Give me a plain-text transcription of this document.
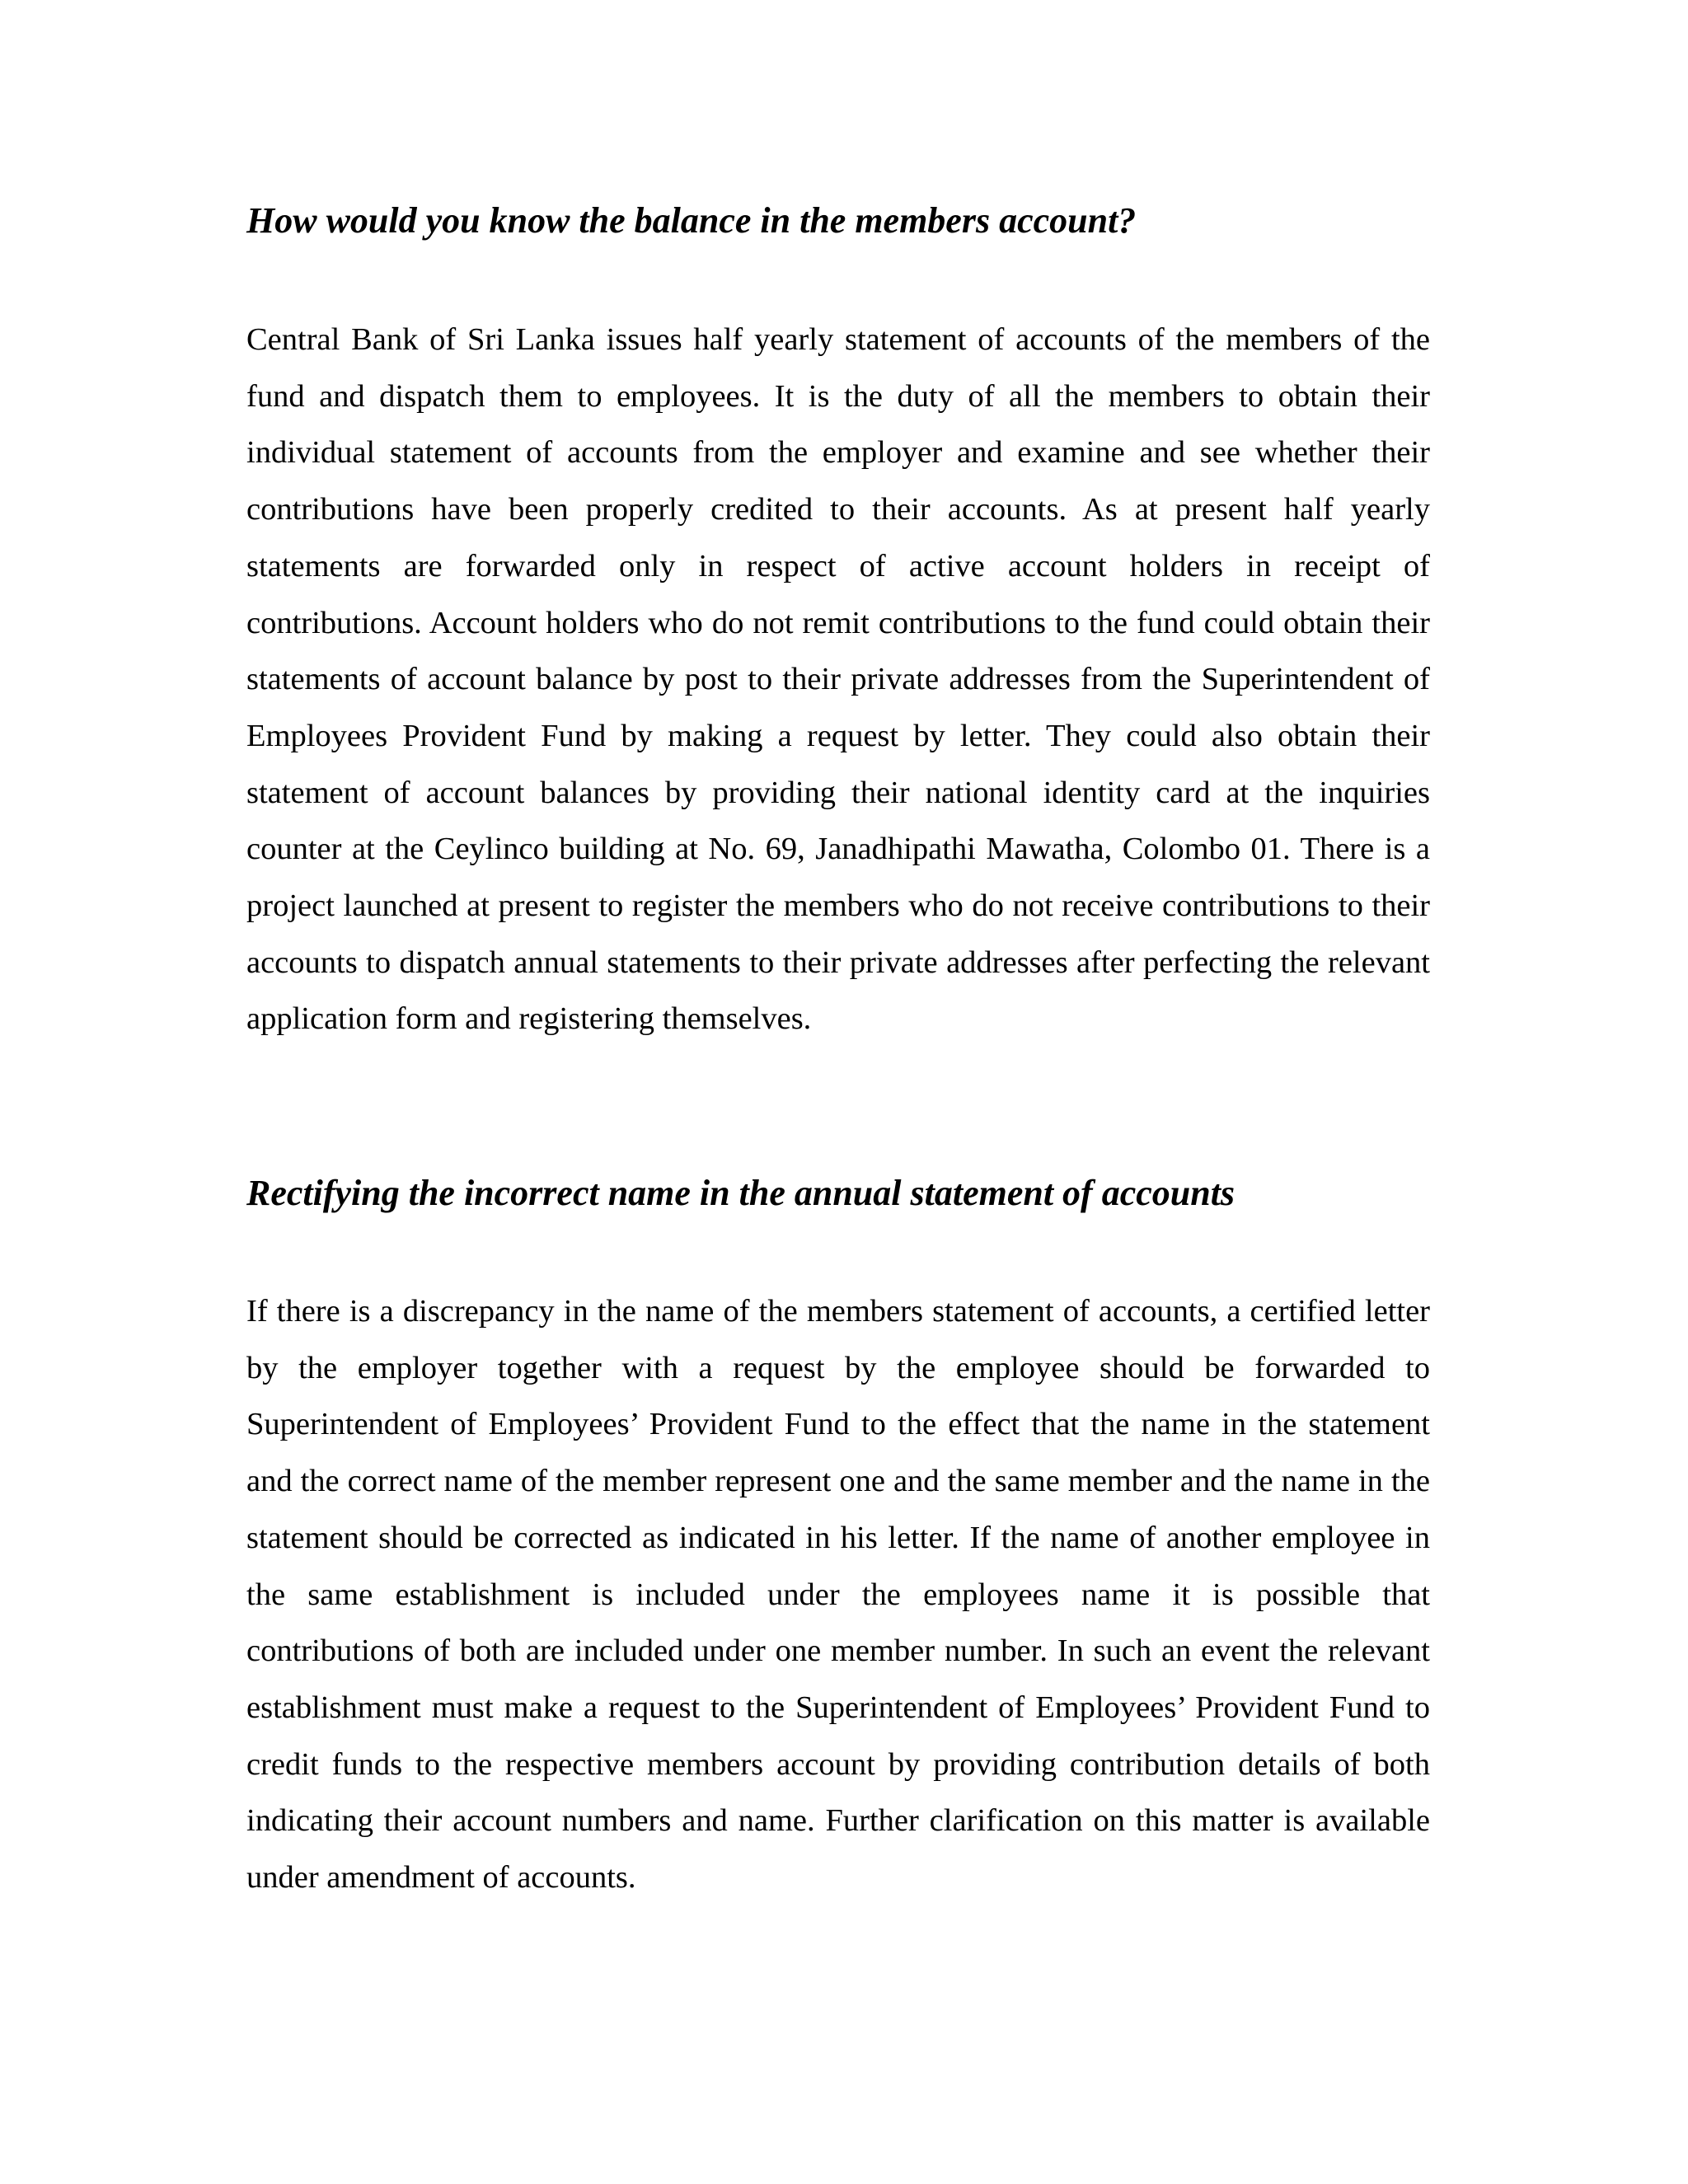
How would you know the balance in the members account?

Central Bank of Sri Lanka issues half yearly statement of accounts of the members of the fund and dispatch them to employees. It is the duty of all the members to obtain their individual statement of accounts from the employer and examine and see whether their contributions have been properly credited to their accounts. As at present half yearly statements are forwarded only in respect of active account holders in receipt of contributions. Account holders who do not remit contributions to the fund could obtain their statements of account balance by post to their private addresses from the Superintendent of Employees Provident Fund by making a request by letter. They could also obtain their statement of account balances by providing their national identity card at the inquiries counter at the Ceylinco building at No. 69, Janadhipathi Mawatha, Colombo 01. There is a project launched at present to register the members who do not receive contributions to their accounts to dispatch annual statements to their private addresses after perfecting the relevant application form and registering themselves.

Rectifying the incorrect name in the annual statement of accounts

If there is a discrepancy in the name of the members statement of accounts, a certified letter by the employer together with a request by the employee should be forwarded to Superintendent of Employees’ Provident Fund to the effect that the name in the statement and the correct name of the member represent one and the same member and the name in the statement should be corrected as indicated in his letter. If the name of another employee in the same establishment is included under the employees name it is possible that contributions of both are included under one member number. In such an event the relevant establishment must make a request to the Superintendent of Employees’ Provident Fund to credit funds to the respective members account by providing contribution details of both indicating their account numbers and name. Further clarification on this matter is available under amendment of accounts.
